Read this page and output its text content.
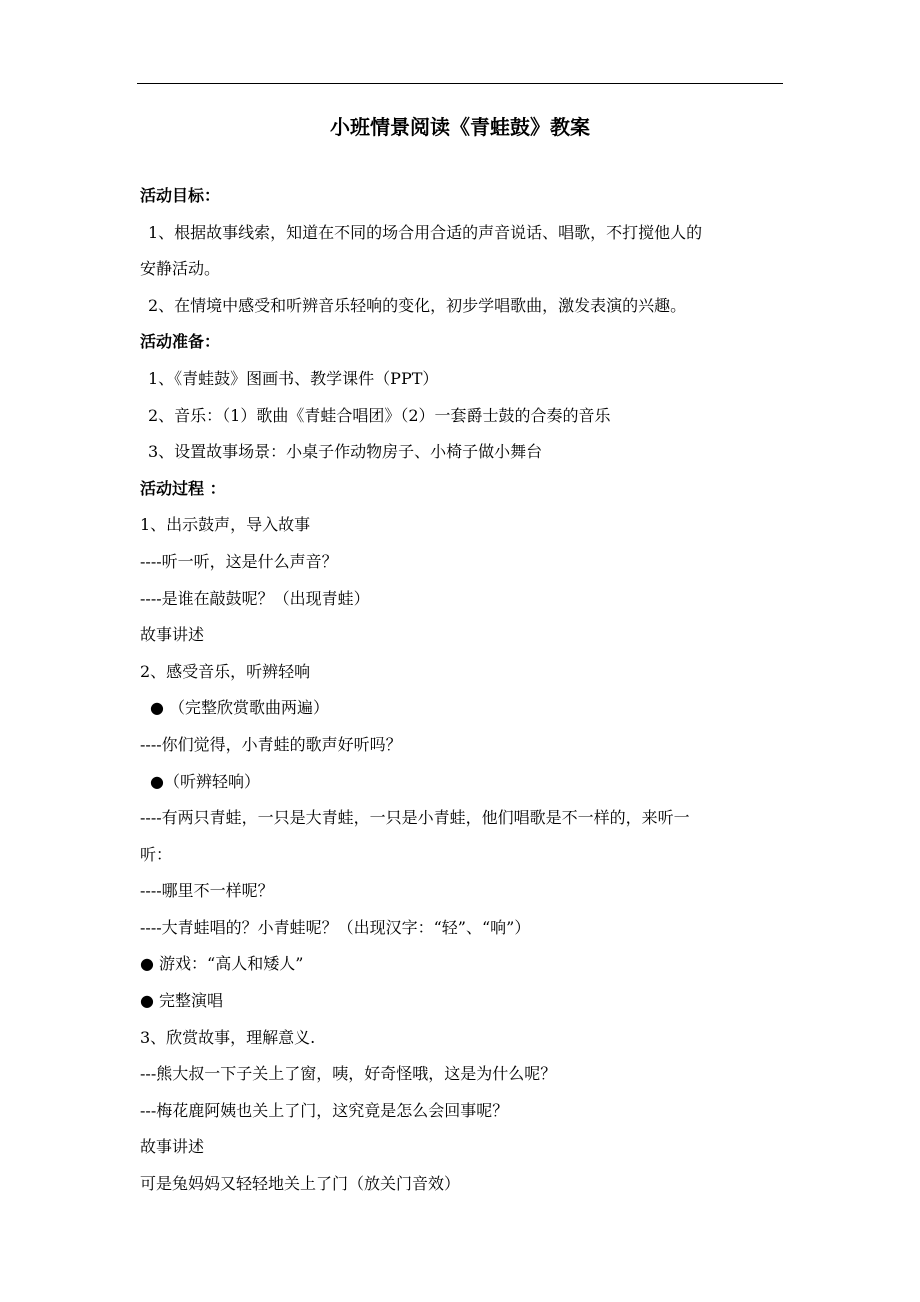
小班情景阅读《青蛙鼓》教案
活动目标：
1、根据故事线索，知道在不同的场合用合适的声音说话、唱歌，不打搅他人的
安静活动。
2、在情境中感受和听辨音乐轻响的变化，初步学唱歌曲，激发表演的兴趣。
活动准备：
1、《青蛙鼓》图画书、教学课件（PPT）
2、音乐：（1）歌曲《青蛙合唱团》（2）一套爵士鼓的合奏的音乐
3、设置故事场景：小桌子作动物房子、小椅子做小舞台
活动过程 ：
1、出示鼓声，导入故事
----听一听，这是什么声音？
----是谁在敲鼓呢？（出现青蛙）
故事讲述
2、感受音乐，听辨轻响
● （完整欣赏歌曲两遍）
----你们觉得，小青蛙的歌声好听吗？
●（听辨轻响）
----有两只青蛙，一只是大青蛙，一只是小青蛙，他们唱歌是不一样的，来听一
听：
----哪里不一样呢？
----大青蛙唱的？小青蛙呢？（出现汉字：“轻”、“响”）
● 游戏：“高人和矮人”
● 完整演唱
3、欣赏故事，理解意义.
---熊大叔一下子关上了窗，咦，好奇怪哦，这是为什么呢？
---梅花鹿阿姨也关上了门，这究竟是怎么会回事呢？
故事讲述
可是兔妈妈又轻轻地关上了门（放关门音效）
